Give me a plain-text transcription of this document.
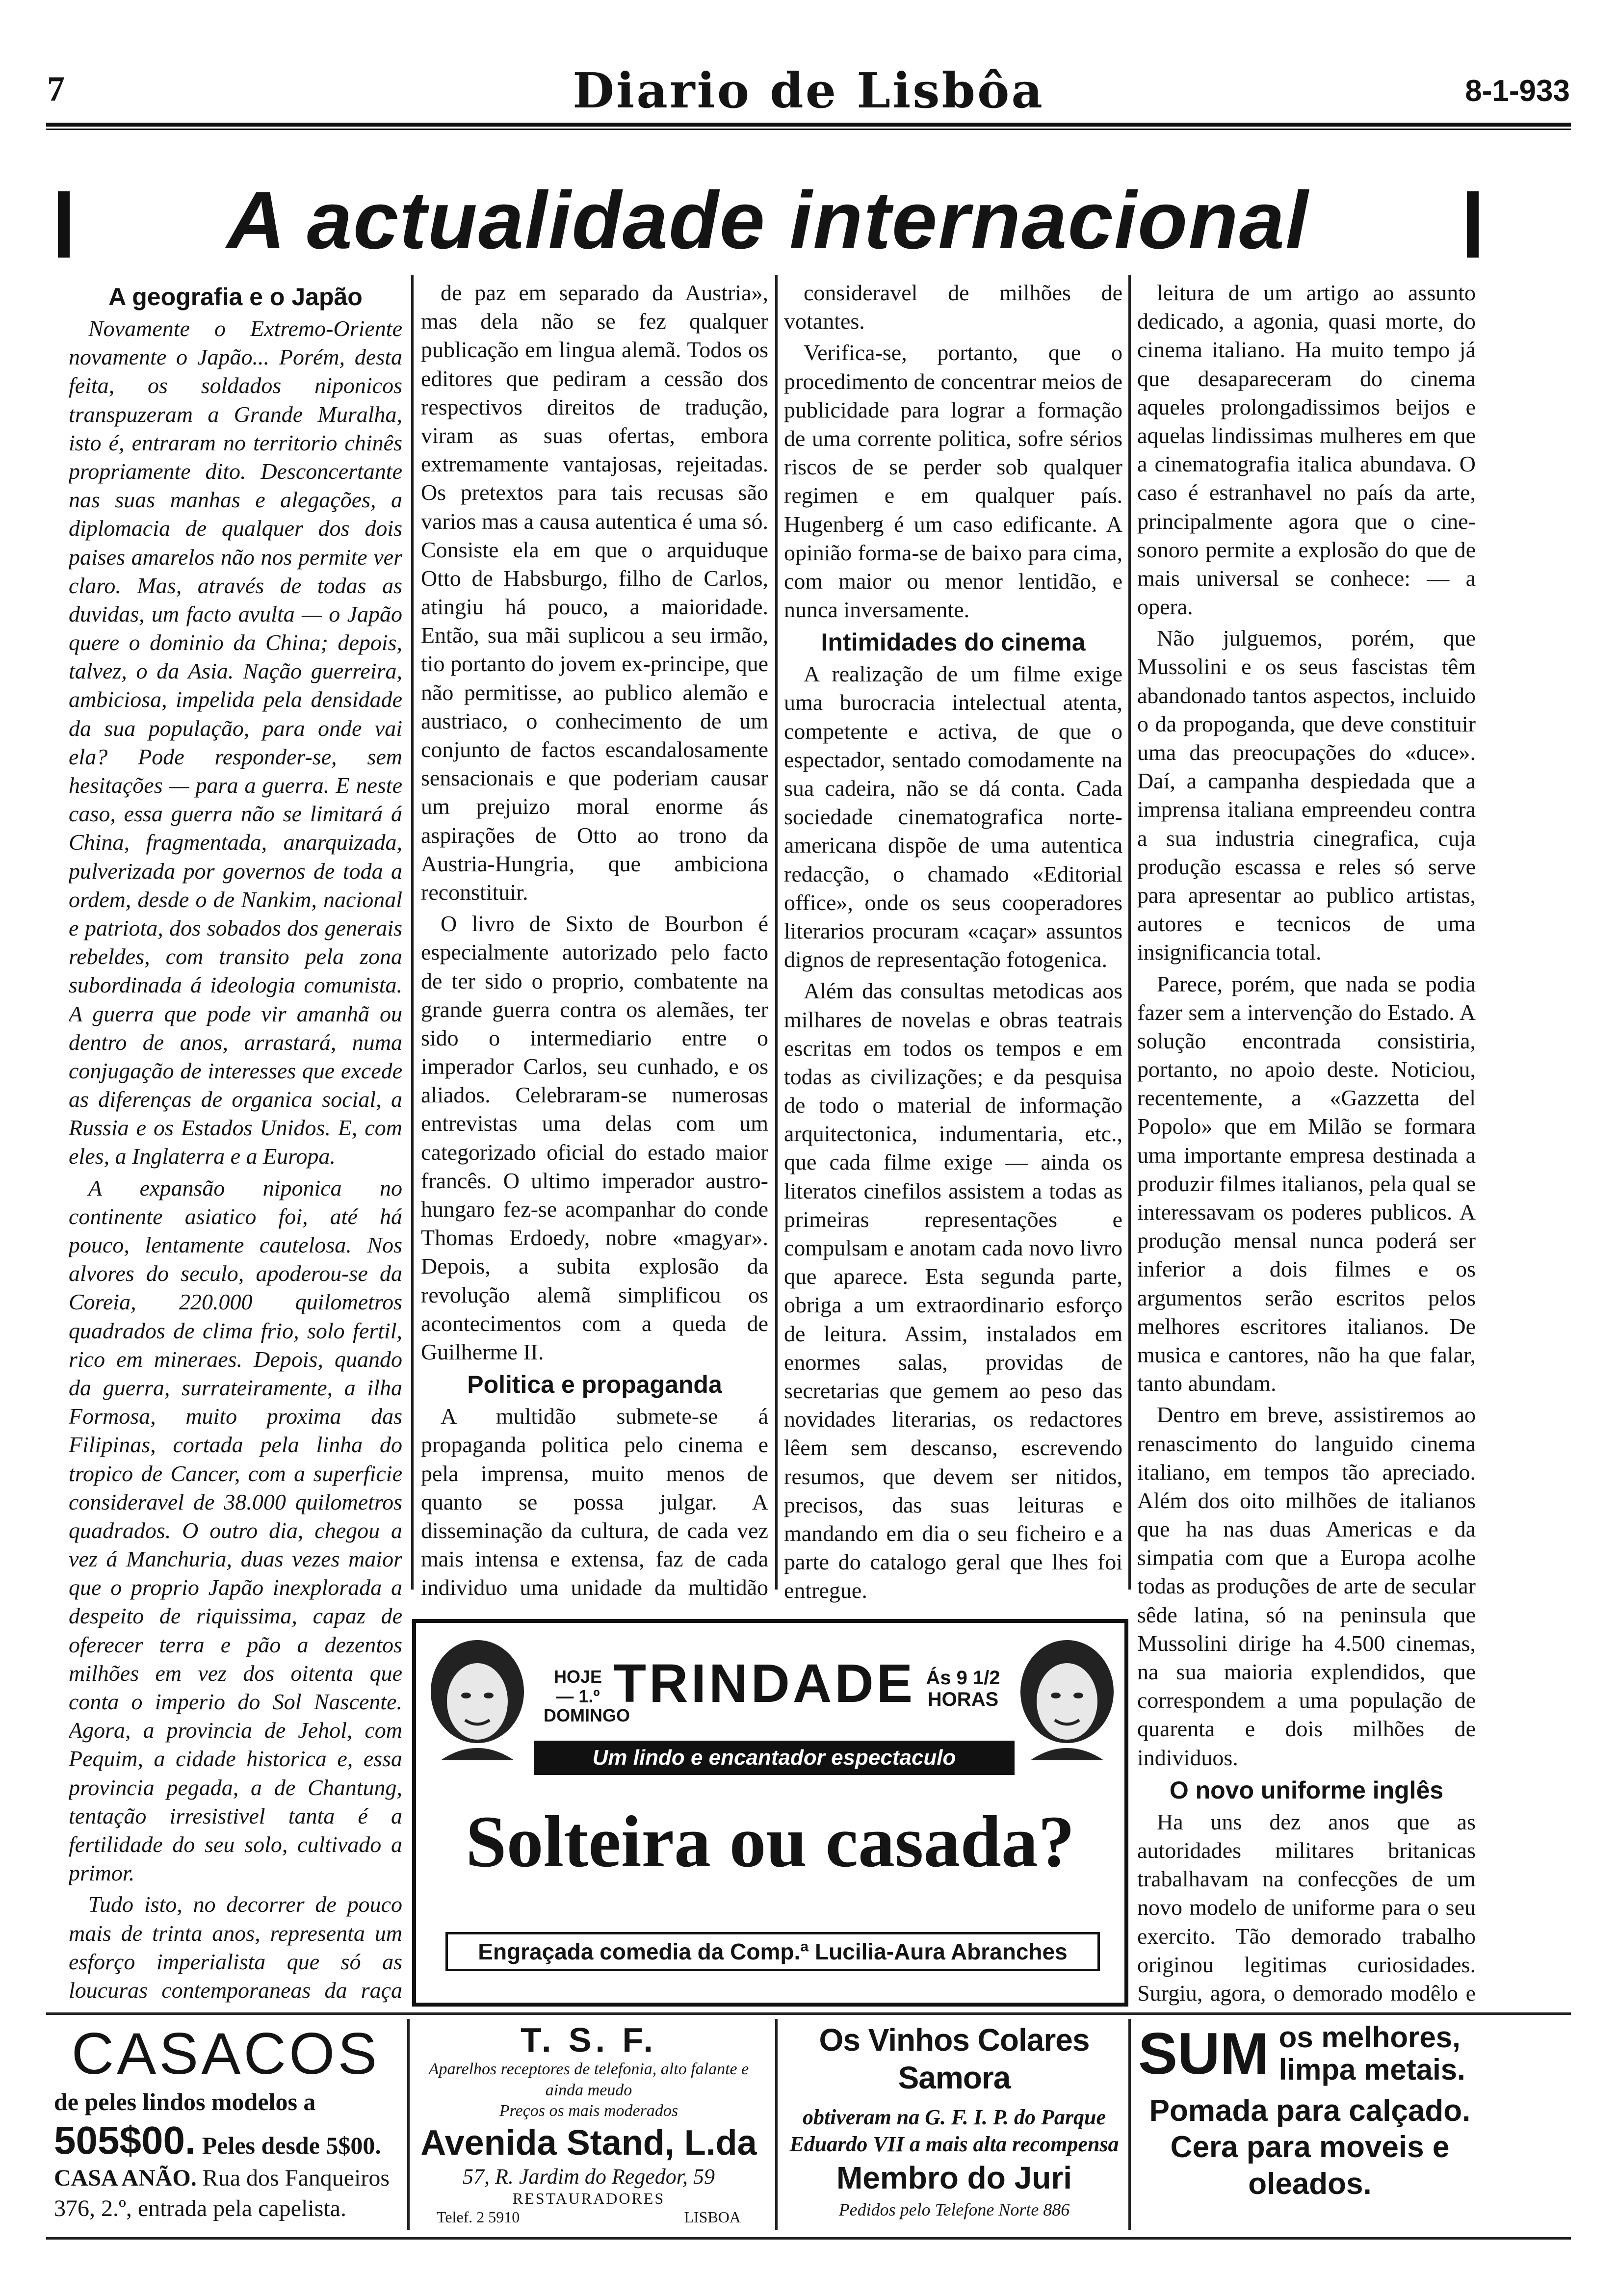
7	Diario de Lisbôa	8-1-933
A actualidade internacional
A geografia e o Japão

Novamente o Extremo-Oriente novamente o Japão... Porém, desta feita, os soldados niponicos transpuzeram a Grande Muralha, isto é, entraram no territorio chinês propriamente dito. Desconcertante nas suas manhas e alegações, a diplomacia de qualquer dos dois paises amarelos não nos permite ver claro. Mas, através de todas as duvidas, um facto avulta — o Japão quere o dominio da China; depois, talvez, o da Asia. Nação guerreira, ambiciosa, impelida pela densidade da sua população, para onde vai ela? Pode responder-se, sem hesitações — para a guerra. E neste caso, essa guerra não se limitará á China, fragmentada, anarquizada, pulverizada por governos de toda a ordem, desde o de Nankim, nacional e patriota, dos sobados dos generais rebeldes, com transito pela zona subordinada á ideologia comunista. A guerra que pode vir amanhã ou dentro de anos, arrastará, numa conjugação de interesses que excede as diferenças de organica social, a Russia e os Estados Unidos. E, com eles, a Inglaterra e a Europa.

A expansão niponica no continente asiatico foi, até há pouco, lentamente cautelosa. Nos alvores do seculo, apoderou-se da Coreia, 220.000 quilometros quadrados de clima frio, solo fertil, rico em mineraes. Depois, quando da guerra, surrateiramente, a ilha Formosa, muito proxima das Filipinas, cortada pela linha do tropico de Cancer, com a superficie consideravel de 38.000 quilometros quadrados. O outro dia, chegou a vez á Manchuria, duas vezes maior que o proprio Japão inexplorada a despeito de riquissima, capaz de oferecer terra e pão a dezentos milhões em vez dos oitenta que conta o imperio do Sol Nascente. Agora, a provincia de Jehol, com Pequim, a cidade historica e, essa provincia pegada, a de Chantung, tentação irresistivel tanta é a fertilidade do seu solo, cultivado a primor.

Tudo isto, no decorrer de pouco mais de trinta anos, representa um esforço imperialista que só as loucuras contemporaneas da raça

de paz em separado da Austria», mas dela não se fez qualquer publicação em lingua alemã. Todos os editores que pediram a cessão dos respectivos direitos de tradução, viram as suas ofertas, embora extremamente vantajosas, rejeitadas. Os pretextos para tais recusas são varios mas a causa autentica é uma só. Consiste ela em que o arquiduque Otto de Habsburgo, filho de Carlos, atingiu há pouco, a maioridade. Então, sua mãi suplicou a seu irmão, tio portanto do jovem ex-principe, que não permitisse, ao publico alemão e austriaco, o conhecimento de um conjunto de factos escandalosamente sensacionais e que poderiam causar um prejuizo moral enorme ás aspirações de Otto ao trono da Austria-Hungria, que ambiciona reconstituir.

O livro de Sixto de Bourbon é especialmente autorizado pelo facto de ter sido o proprio, combatente na grande guerra contra os alemães, ter sido o intermediario entre o imperador Carlos, seu cunhado, e os aliados. Celebraram-se numerosas entrevistas uma delas com um categorizado oficial do estado maior francês. O ultimo imperador austro-hungaro fez-se acompanhar do conde Thomas Erdoedy, nobre «magyar». Depois, a subita explosão da revolução alemã simplificou os acontecimentos com a queda de Guilherme II.

Politica e propaganda

A multidão submete-se á propaganda politica pelo cinema e pela imprensa, muito menos de quanto se possa julgar. A disseminação da cultura, de cada vez mais intensa e extensa, faz de cada individuo uma unidade da multidão

consideravel de milhões de votantes.

Verifica-se, portanto, que o procedimento de concentrar meios de publicidade para lograr a formação de uma corrente politica, sofre sérios riscos de se perder sob qualquer regimen e em qualquer país. Hugenberg é um caso edificante. A opinião forma-se de baixo para cima, com maior ou menor lentidão, e nunca inversamente.

Intimidades do cinema

A realização de um filme exige uma burocracia intelectual atenta, competente e activa, de que o espectador, sentado comodamente na sua cadeira, não se dá conta. Cada sociedade cinematografica norte-americana dispõe de uma autentica redacção, o chamado «Editorial office», onde os seus cooperadores literarios procuram «caçar» assuntos dignos de representação fotogenica.

Além das consultas metodicas aos milhares de novelas e obras teatrais escritas em todos os tempos e em todas as civilizações; e da pesquisa de todo o material de informação arquitectonica, indumentaria, etc., que cada filme exige — ainda os literatos cinefilos assistem a todas as primeiras representações e compulsam e anotam cada novo livro que aparece. Esta segunda parte, obriga a um extraordinario esforço de leitura. Assim, instalados em enormes salas, providas de secretarias que gemem ao peso das novidades literarias, os redactores lêem sem descanso, escrevendo resumos, que devem ser nitidos, precisos, das suas leituras e mandando em dia o seu ficheiro e a parte do catalogo geral que lhes foi entregue.

leitura de um artigo ao assunto dedicado, a agonia, quasi morte, do cinema italiano. Ha muito tempo já que desapareceram do cinema aqueles prolongadissimos beijos e aquelas lindissimas mulheres em que a cinematografia italica abundava. O caso é estranhavel no país da arte, principalmente agora que o cine-sonoro permite a explosão do que de mais universal se conhece: — a opera.

Não julguemos, porém, que Mussolini e os seus fascistas têm abandonado tantos aspectos, incluido o da propoganda, que deve constituir uma das preocupações do «duce». Daí, a campanha despiedada que a imprensa italiana empreendeu contra a sua industria cinegrafica, cuja produção escassa e reles só serve para apresentar ao publico artistas, autores e tecnicos de uma insignificancia total.

Parece, porém, que nada se podia fazer sem a intervenção do Estado. A solução encontrada consistiria, portanto, no apoio deste. Noticiou, recentemente, a «Gazzetta del Popolo» que em Milão se formara uma importante empresa destinada a produzir filmes italianos, pela qual se interessavam os poderes publicos. A produção mensal nunca poderá ser inferior a dois filmes e os argumentos serão escritos pelos melhores escritores italianos. De musica e cantores, não ha que falar, tanto abundam.

Dentro em breve, assistiremos ao renascimento do languido cinema italiano, em tempos tão apreciado. Além dos oito milhões de italianos que ha nas duas Americas e da simpatia com que a Europa acolhe todas as produções de arte de secular sêde latina, só na peninsula que Mussolini dirige ha 4.500 cinemas, na sua maioria explendidos, que correspondem a uma população de quarenta e dois milhões de individuos.

O novo uniforme inglês

Ha uns dez anos que as autoridades militares britanicas trabalhavam na confecções de um novo modelo de uniforme para o seu exercito. Tão demorado trabalho originou legitimas curiosidades. Surgiu, agora, o demorado modêlo e

HOJE — 1.º DOMINGO
TRINDADE Ás 9 1/2 HORAS
Um lindo e encantador espectaculo
Solteira ou casada?
Engraçada comedia da Comp.ª Lucilia-Aura Abranches
CASACOS
de peles lindos modelos a
505$00. Peles desde 5$00.
CASA ANÃO. Rua dos Fanqueiros 376, 2.º, entrada pela capelista.
T. S. F.
Aparelhos receptores de telefonia, alto falante e ainda meudo
Preços os mais moderados
Avenida Stand, L.da
57, R. Jardim do Regedor, 59
RESTAURADORES
Telef. 2 5910	LISBOA
Os Vinhos Colares Samora
obtiveram na G. F. I. P. do Parque Eduardo VII a mais alta recompensa
Membro do Juri
Pedidos pelo Telefone Norte 886
SUM os melhores, limpa metais.
Pomada para calçado. Cera para moveis e oleados.
